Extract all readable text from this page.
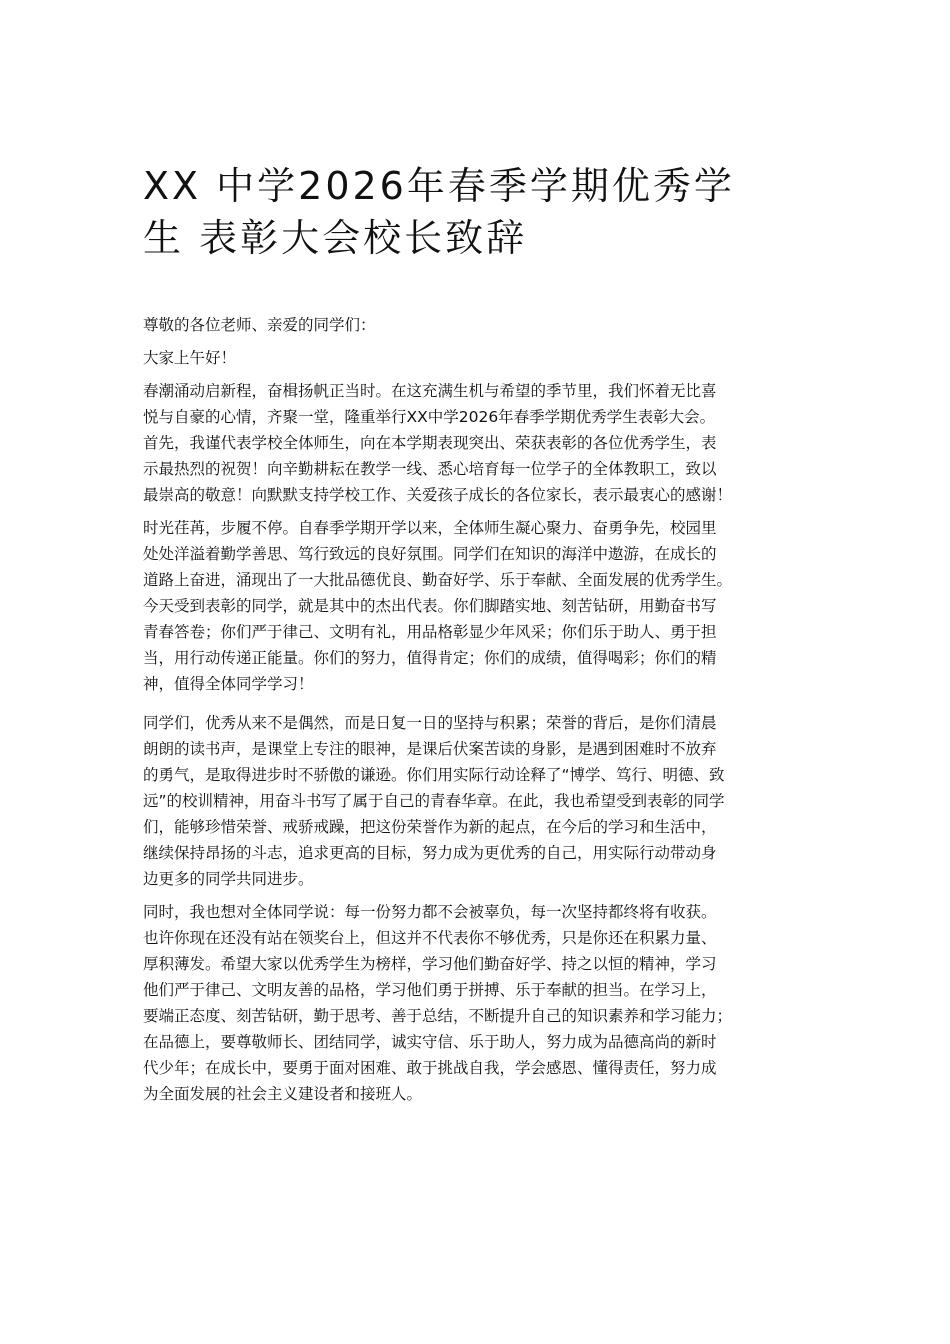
XX 中学2026年春季学期优秀学
生 表彰大会校长致辞

尊敬的各位老师、亲爱的同学们：

大家上午好！

春潮涌动启新程，奋楫扬帆正当时。在这充满生机与希望的季节里，我们怀着无比喜
悦与自豪的心情，齐聚一堂，隆重举行XX中学2026年春季学期优秀学生表彰大会。
首先，我谨代表学校全体师生，向在本学期表现突出、荣获表彰的各位优秀学生，表
示最热烈的祝贺！向辛勤耕耘在教学一线、悉心培育每一位学子的全体教职工，致以
最崇高的敬意！向默默支持学校工作、关爱孩子成长的各位家长，表示最衷心的感谢！

时光荏苒，步履不停。自春季学期开学以来，全体师生凝心聚力、奋勇争先，校园里
处处洋溢着勤学善思、笃行致远的良好氛围。同学们在知识的海洋中遨游，在成长的
道路上奋进，涌现出了一大批品德优良、勤奋好学、乐于奉献、全面发展的优秀学生。
今天受到表彰的同学，就是其中的杰出代表。你们脚踏实地、刻苦钻研，用勤奋书写
青春答卷；你们严于律己、文明有礼，用品格彰显少年风采；你们乐于助人、勇于担
当，用行动传递正能量。你们的努力，值得肯定；你们的成绩，值得喝彩；你们的精
神，值得全体同学学习！

同学们，优秀从来不是偶然，而是日复一日的坚持与积累；荣誉的背后，是你们清晨
朗朗的读书声，是课堂上专注的眼神，是课后伏案苦读的身影，是遇到困难时不放弃
的勇气，是取得进步时不骄傲的谦逊。你们用实际行动诠释了“博学、笃行、明德、致
远”的校训精神，用奋斗书写了属于自己的青春华章。在此，我也希望受到表彰的同学
们，能够珍惜荣誉、戒骄戒躁，把这份荣誉作为新的起点，在今后的学习和生活中，
继续保持昂扬的斗志，追求更高的目标，努力成为更优秀的自己，用实际行动带动身
边更多的同学共同进步。

同时，我也想对全体同学说：每一份努力都不会被辜负，每一次坚持都终将有收获。
也许你现在还没有站在领奖台上，但这并不代表你不够优秀，只是你还在积累力量、
厚积薄发。希望大家以优秀学生为榜样，学习他们勤奋好学、持之以恒的精神，学习
他们严于律己、文明友善的品格，学习他们勇于拼搏、乐于奉献的担当。在学习上，
要端正态度、刻苦钻研，勤于思考、善于总结，不断提升自己的知识素养和学习能力；
在品德上，要尊敬师长、团结同学，诚实守信、乐于助人，努力成为品德高尚的新时
代少年；在成长中，要勇于面对困难、敢于挑战自我，学会感恩、懂得责任，努力成
为全面发展的社会主义建设者和接班人。
